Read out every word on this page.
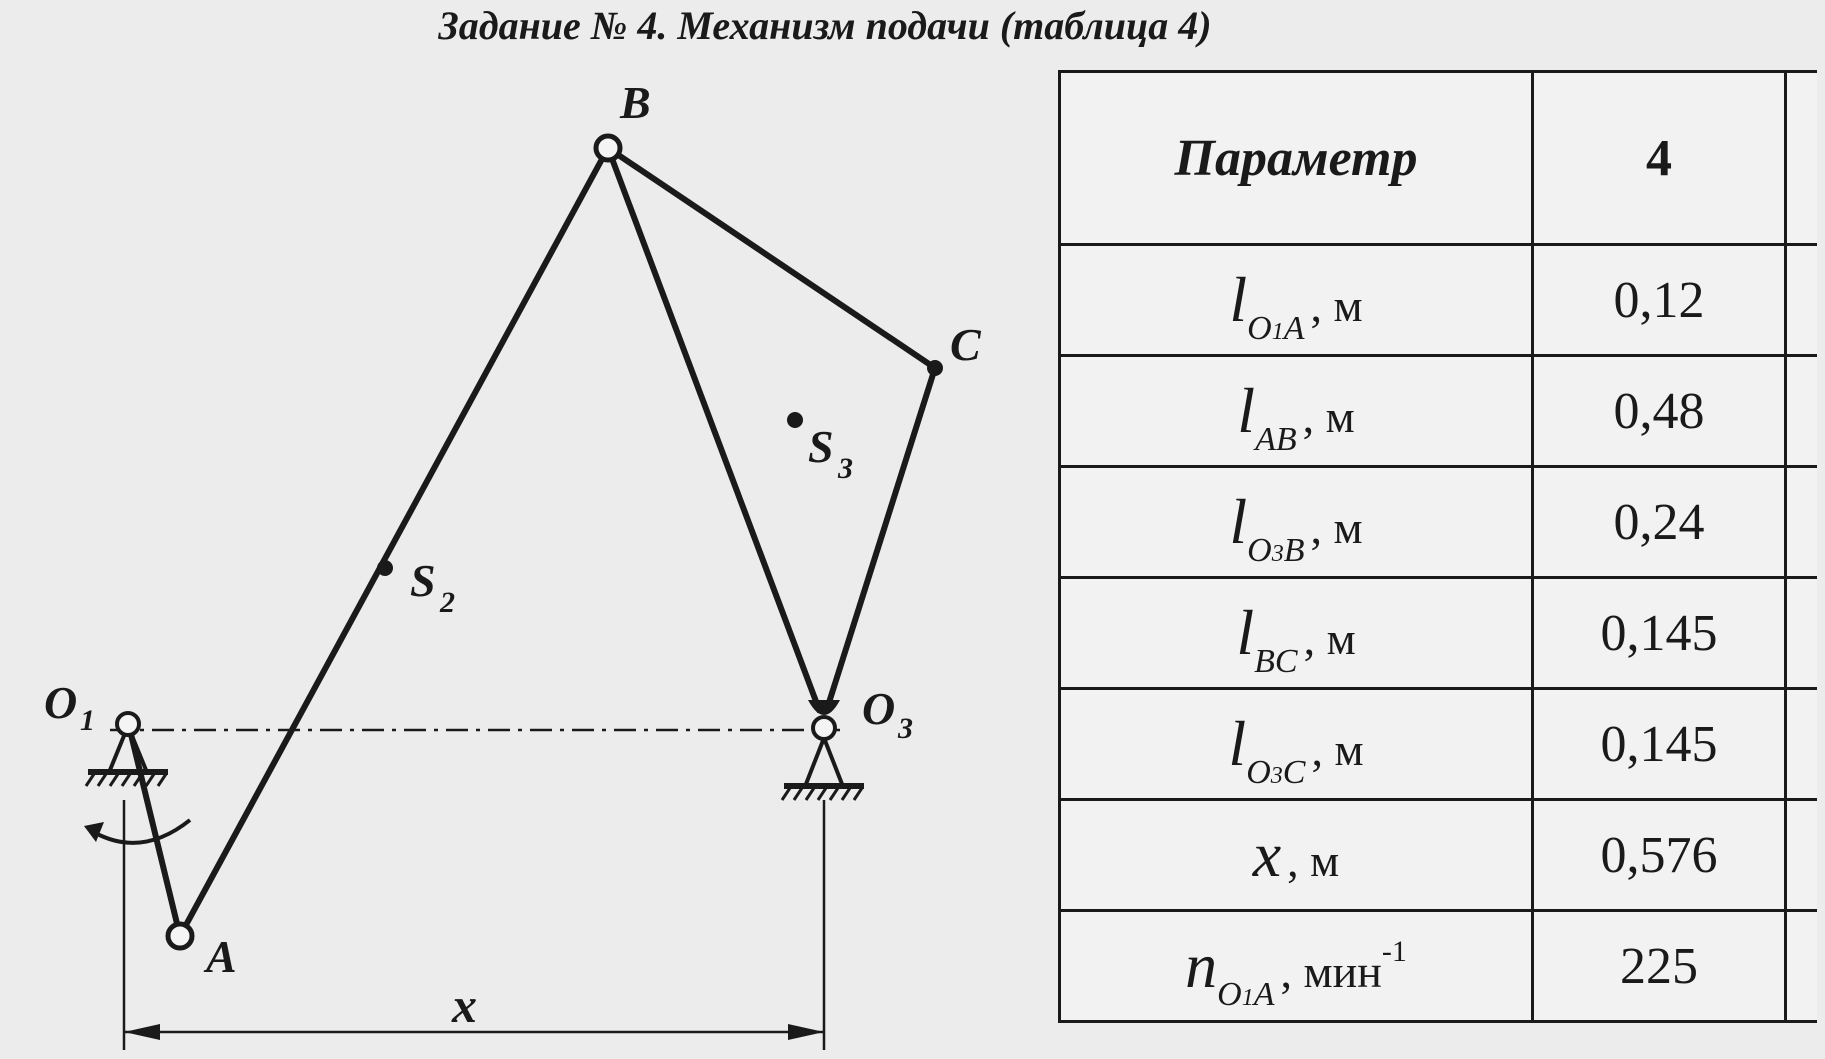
Задание № 4. Механизм подачи (таблица 4)
B
C
S 3
S 2
O 1	O 3
A
x
Параметр	4	
$l_{O1A}$ , м	0,12	
$l_{AB}$ , м	0,48	
$l_{O3B}$ , м	0,24	
$l_{BC}$ , м	0,145	
$l_{O3C}$ , м	0,145	
x , м	0,576	
$n_{O1A}$ , мин$^{-1}$	225	
